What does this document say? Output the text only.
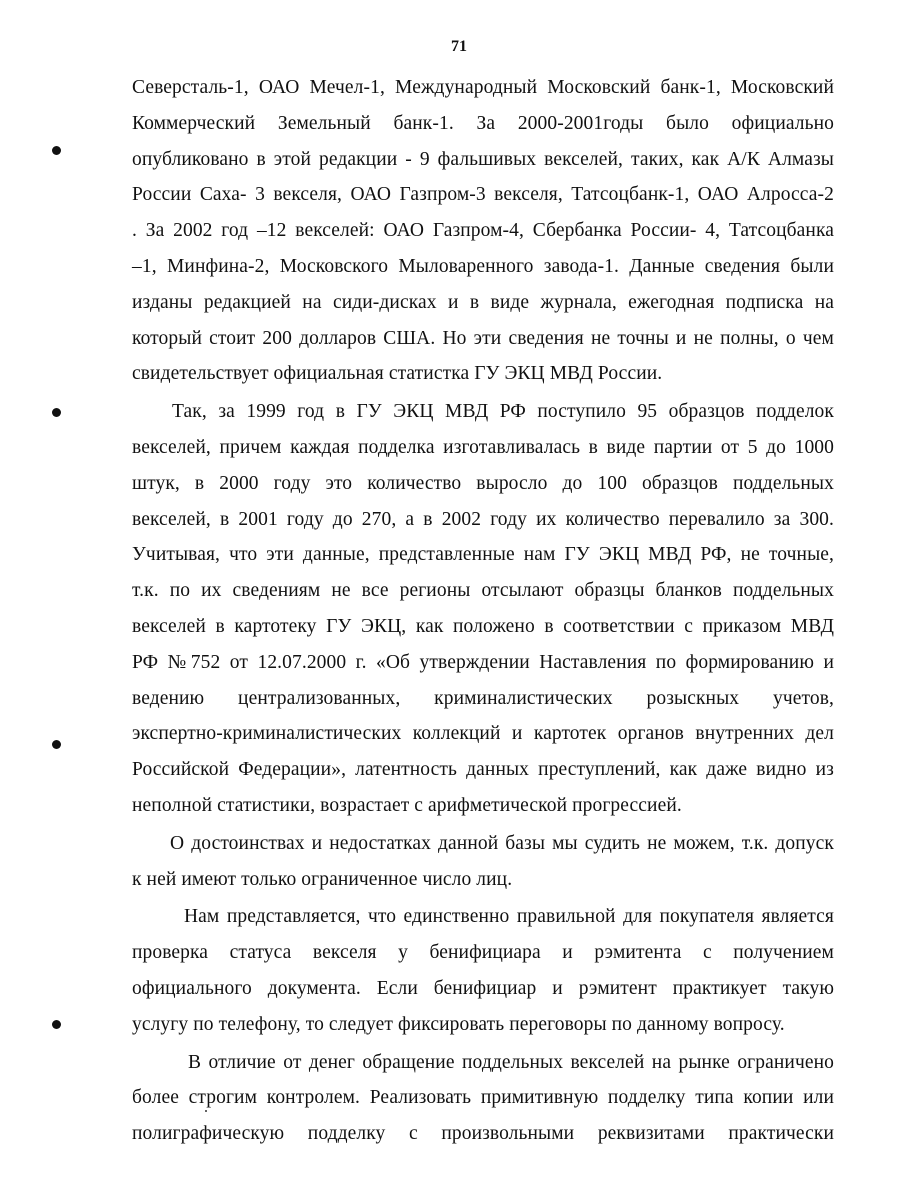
71

Северсталь-1, ОАО Мечел-1, Международный Московский банк-1, Московский
Коммерческий Земельный банк-1. За 2000-2001годы было официально
опубликовано в этой редакции - 9 фальшивых векселей, таких, как А/К Алмазы
России Саха- 3 векселя, ОАО Газпром-3 векселя, Татсоцбанк-1, ОАО Алросса-2
. За 2002 год –12 векселей: ОАО Газпром-4, Сбербанка России- 4, Татсоцбанка
–1, Минфина-2, Московского Мыловаренного завода-1. Данные сведения были
изданы редакцией на сиди-дисках и в виде журнала, ежегодная подписка на
который стоит 200 долларов США. Но эти сведения не точны и не полны, о чем
свидетельствует официальная статистка ГУ ЭКЦ МВД России.

Так, за 1999 год в ГУ ЭКЦ МВД РФ поступило 95 образцов подделок
векселей, причем каждая подделка изготавливалась в виде партии от 5 до 1000
штук, в 2000 году это количество выросло до 100 образцов поддельных
векселей, в 2001 году до 270, а в 2002 году их количество перевалило за 300.
Учитывая, что эти данные, представленные нам ГУ ЭКЦ МВД РФ, не точные,
т.к. по их сведениям не все регионы отсылают образцы бланков поддельных
векселей в картотеку ГУ ЭКЦ, как положено в соответствии с приказом МВД
РФ №752 от 12.07.2000 г. «Об утверждении Наставления по формированию и
ведению централизованных, криминалистических розыскных учетов,
экспертно-криминалистических коллекций и картотек органов внутренних дел
Российской Федерации», латентность данных преступлений, как даже видно из
неполной статистики, возрастает с арифметической прогрессией.

О достоинствах и недостатках данной базы мы судить не можем, т.к. допуск
к ней имеют только ограниченное число лиц.

Нам представляется, что единственно правильной для покупателя является
проверка статуса векселя у бенифициара и рэмитента с получением
официального документа. Если бенифициар и рэмитент практикует такую
услугу по телефону, то следует фиксировать переговоры по данному вопросу.

В отличие от денег обращение поддельных векселей на рынке ограничено
более строгим контролем. Реализовать примитивную подделку типа копии или
полиграфическую подделку с произвольными реквизитами практически
